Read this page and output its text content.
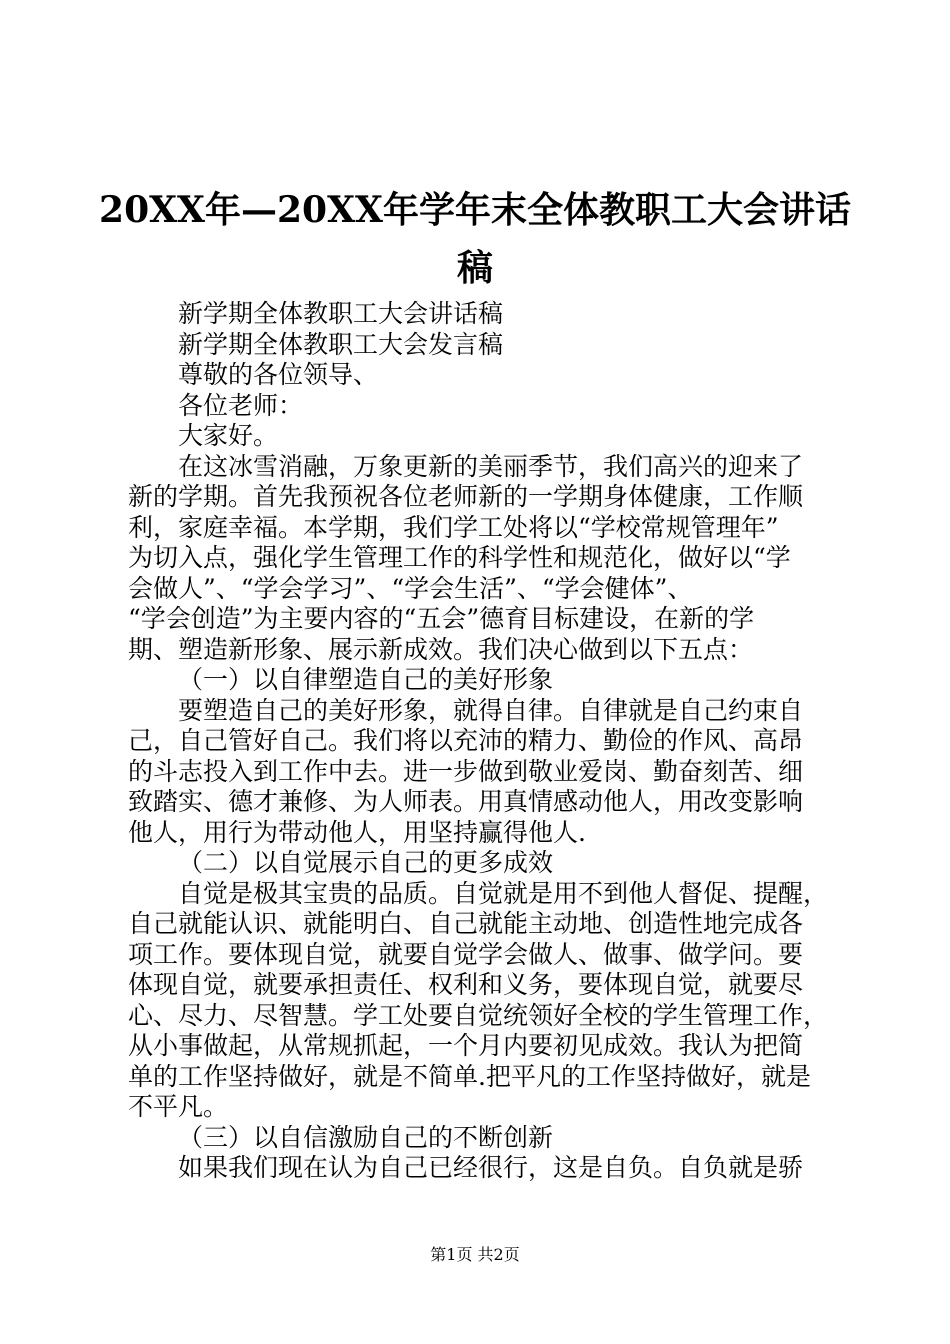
20XX年—20XX年学年末全体教职工大会讲话
稿
新学期全体教职工大会讲话稿
新学期全体教职工大会发言稿
尊敬的各位领导、
各位老师：
大家好。
在这冰雪消融，万象更新的美丽季节，我们高兴的迎来了
新的学期。首先我预祝各位老师新的一学期身体健康，工作顺
利，家庭幸福。本学期，我们学工处将以“学校常规管理年”
为切入点，强化学生管理工作的科学性和规范化，做好以“学
会做人”、“学会学习”、“学会生活”、“学会健体”、
“学会创造”为主要内容的“五会”德育目标建设，在新的学
期、塑造新形象、展示新成效。我们决心做到以下五点：
（一）以自律塑造自己的美好形象
要塑造自己的美好形象，就得自律。自律就是自己约束自
己，自己管好自己。我们将以充沛的精力、勤俭的作风、高昂
的斗志投入到工作中去。进一步做到敬业爱岗、勤奋刻苦、细
致踏实、德才兼修、为人师表。用真情感动他人，用改变影响
他人，用行为带动他人，用坚持赢得他人.
（二）以自觉展示自己的更多成效
自觉是极其宝贵的品质。自觉就是用不到他人督促、提醒，
自己就能认识、就能明白、自己就能主动地、创造性地完成各
项工作。要体现自觉，就要自觉学会做人、做事、做学问。要
体现自觉，就要承担责任、权利和义务，要体现自觉，就要尽
心、尽力、尽智慧。学工处要自觉统领好全校的学生管理工作，
从小事做起，从常规抓起，一个月内要初见成效。我认为把简
单的工作坚持做好，就是不简单.把平凡的工作坚持做好，就是
不平凡。
（三）以自信激励自己的不断创新
如果我们现在认为自己已经很行，这是自负。自负就是骄
第1页 共2页
